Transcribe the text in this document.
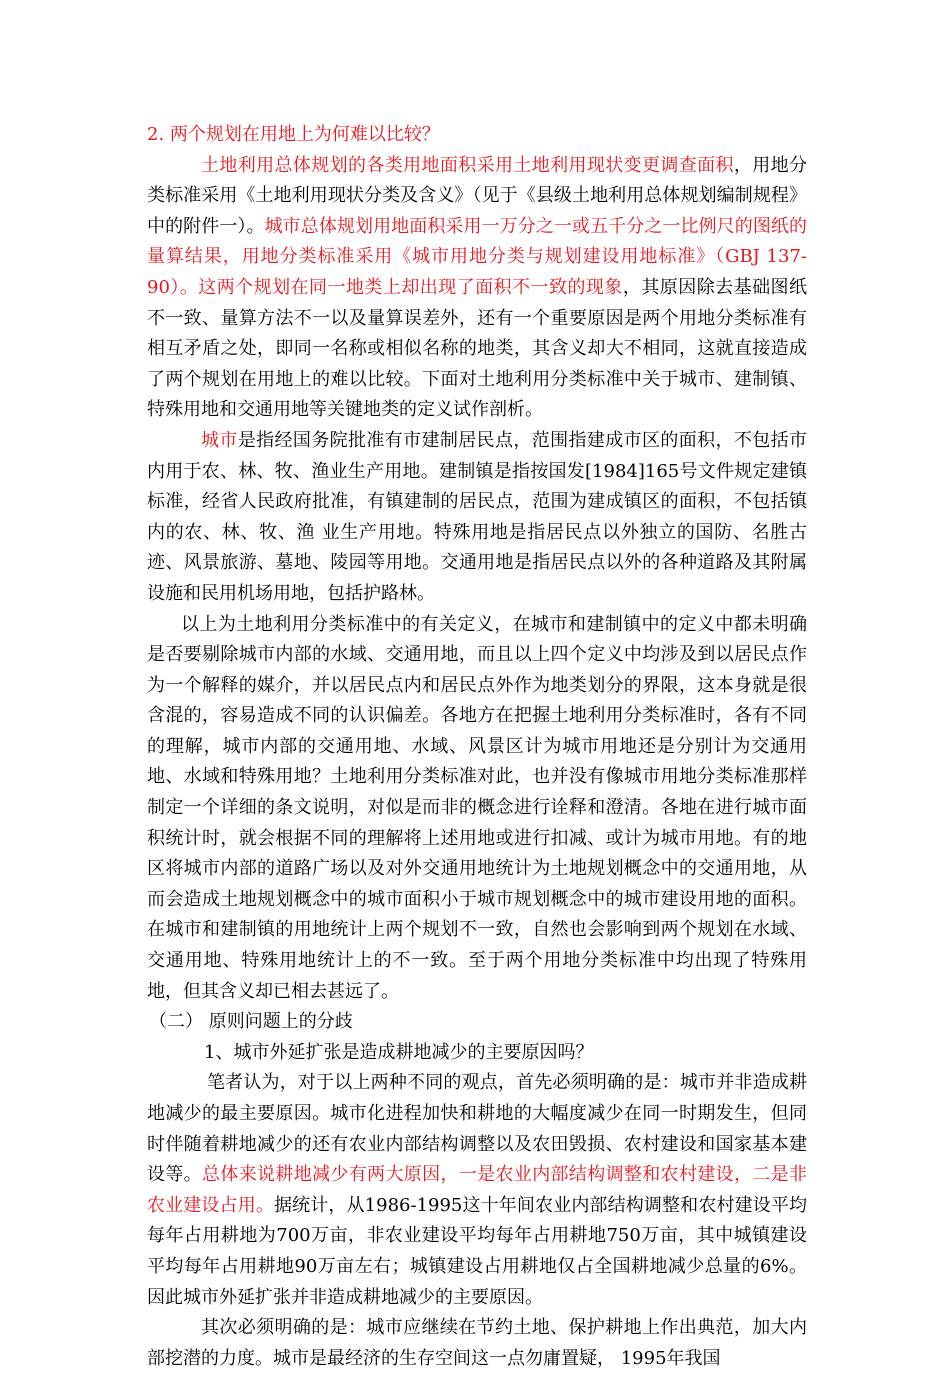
2. 两个规划在用地上为何难以比较？

土地利用总体规划的各类用地面积采用土地利用现状变更调查面积，用地分类标准采用《土地利用现状分类及含义》（见于《县级土地利用总体规划编制规程》中的附件一）。城市总体规划用地面积采用一万分之一或五千分之一比例尺的图纸的量算结果，用地分类标准采用《城市用地分类与规划建设用地标准》（GBJ 137-90）。这两个规划在同一地类上却出现了面积不一致的现象，其原因除去基础图纸不一致、量算方法不一以及量算误差外，还有一个重要原因是两个用地分类标准有相互矛盾之处，即同一名称或相似名称的地类，其含义却大不相同，这就直接造成了两个规划在用地上的难以比较。下面对土地利用分类标准中关于城市、建制镇、特殊用地和交通用地等关键地类的定义试作剖析。

城市是指经国务院批准有市建制居民点，范围指建成市区的面积，不包括市内用于农、林、牧、渔业生产用地。建制镇是指按国发[1984]165号文件规定建镇标准，经省人民政府批准，有镇建制的居民点，范围为建成镇区的面积，不包括镇内的农、林、牧、渔 业生产用地。特殊用地是指居民点以外独立的国防、名胜古迹、风景旅游、墓地、陵园等用地。交通用地是指居民点以外的各种道路及其附属设施和民用机场用地，包括护路林。

以上为土地利用分类标准中的有关定义，在城市和建制镇中的定义中都未明确是否要剔除城市内部的水域、交通用地，而且以上四个定义中均涉及到以居民点作为一个解释的媒介，并以居民点内和居民点外作为地类划分的界限，这本身就是很含混的，容易造成不同的认识偏差。各地方在把握土地利用分类标准时，各有不同的理解，城市内部的交通用地、水域、风景区计为城市用地还是分别计为交通用地、水域和特殊用地？土地利用分类标准对此，也并没有像城市用地分类标准那样制定一个详细的条文说明，对似是而非的概念进行诠释和澄清。各地在进行城市面积统计时，就会根据不同的理解将上述用地或进行扣减、或计为城市用地。有的地区将城市内部的道路广场以及对外交通用地统计为土地规划概念中的交通用地，从而会造成土地规划概念中的城市面积小于城市规划概念中的城市建设用地的面积。在城市和建制镇的用地统计上两个规划不一致，自然也会影响到两个规划在水域、交通用地、特殊用地统计上的不一致。至于两个用地分类标准中均出现了特殊用地，但其含义却已相去甚远了。

（二） 原则问题上的分歧

1、城市外延扩张是造成耕地减少的主要原因吗？

笔者认为，对于以上两种不同的观点，首先必须明确的是：城市并非造成耕地减少的最主要原因。城市化进程加快和耕地的大幅度减少在同一时期发生，但同时伴随着耕地减少的还有农业内部结构调整以及农田毁损、农村建设和国家基本建设等。总体来说耕地减少有两大原因，一是农业内部结构调整和农村建设，二是非农业建设占用。据统计，从1986-1995这十年间农业内部结构调整和农村建设平均每年占用耕地为700万亩，非农业建设平均每年占用耕地750万亩，其中城镇建设平均每年占用耕地90万亩左右；城镇建设占用耕地仅占全国耕地减少总量的6%。因此城市外延扩张并非造成耕地减少的主要原因。

其次必须明确的是：城市应继续在节约土地、保护耕地上作出典范，加大内部挖潜的力度。城市是最经济的生存空间这一点勿庸置疑， 1995年我国
